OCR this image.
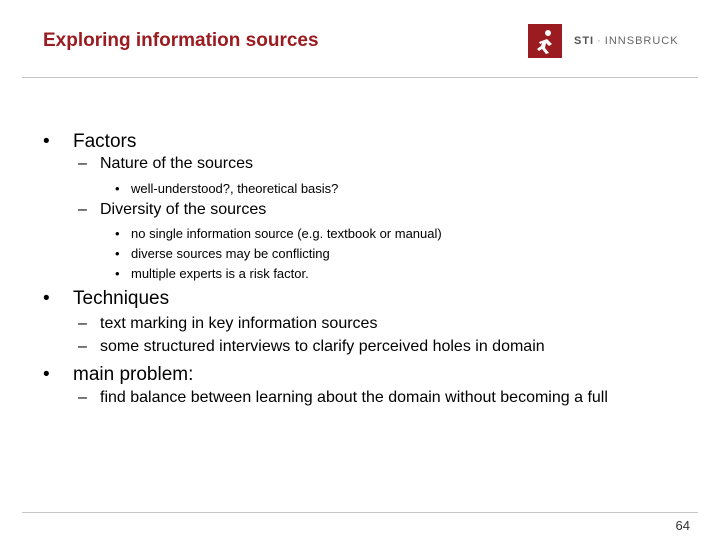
Exploring information sources	STI · INNSBRUCK
• Factors
– Nature of the sources
• well-understood?, theoretical basis?
– Diversity of the sources
• no single information source (e.g. textbook or manual)
• diverse sources may be conflicting
• multiple experts is a risk factor.
• Techniques
– text marking in key information sources
– some structured interviews to clarify perceived holes in domain
• main problem:
– find balance between learning about the domain without becoming a full
64
